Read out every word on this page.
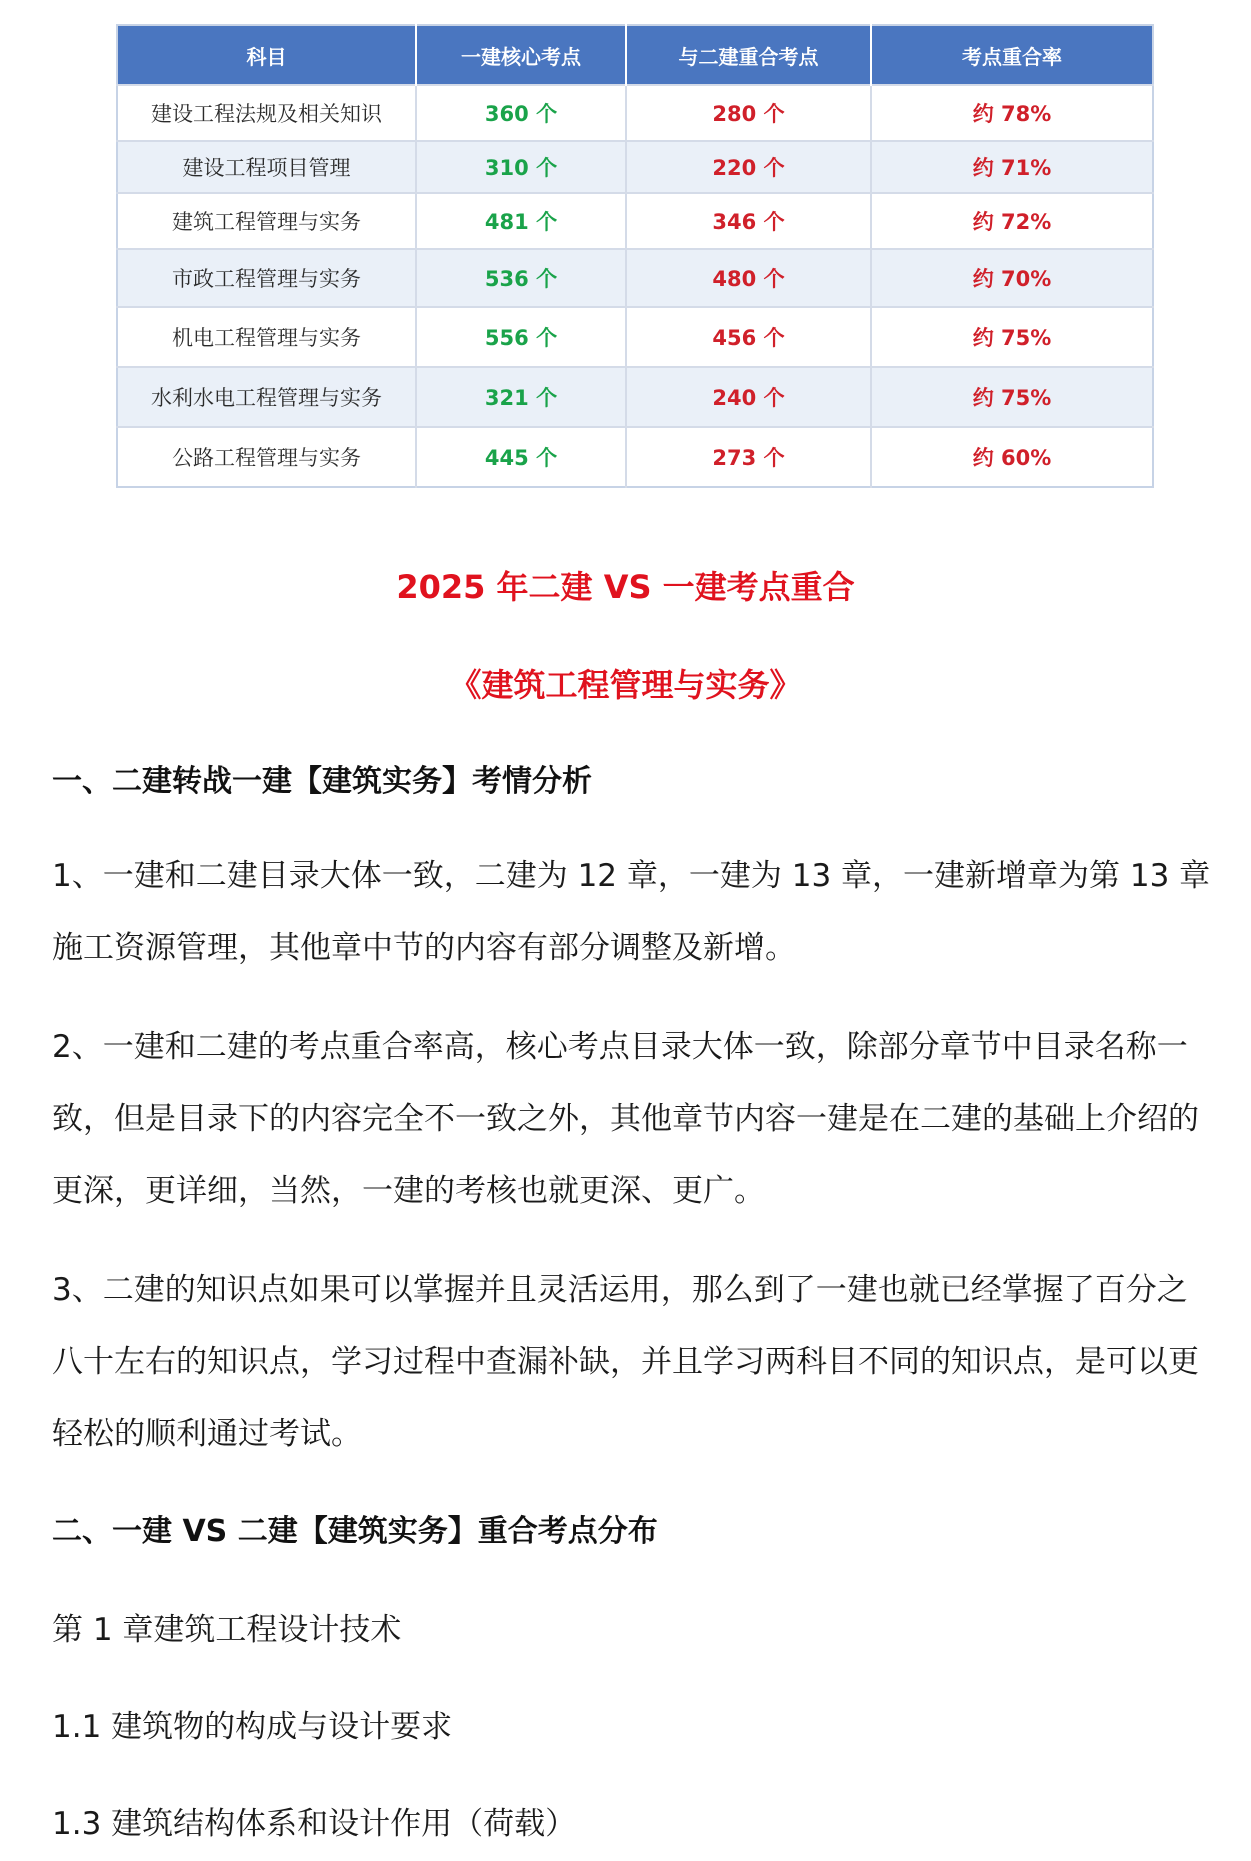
科目	一建核心考点	与二建重合考点	考点重合率
建设工程法规及相关知识	360 个	280 个	约 78%
建设工程项目管理	310 个	220 个	约 71%
建筑工程管理与实务	481 个	346 个	约 72%
市政工程管理与实务	536 个	480 个	约 70%
机电工程管理与实务	556 个	456 个	约 75%
水利水电工程管理与实务	321 个	240 个	约 75%
公路工程管理与实务	445 个	273 个	约 60%
2025 年二建 VS 一建考点重合
《建筑工程管理与实务》
一、二建转战一建【建筑实务】考情分析

1、一建和二建目录大体一致，二建为 12 章，一建为 13 章，一建新增章为第 13 章施工资源管理，其他章中节的内容有部分调整及新增。

2、一建和二建的考点重合率高，核心考点目录大体一致，除部分章节中目录名称一致，但是目录下的内容完全不一致之外，其他章节内容一建是在二建的基础上介绍的更深，更详细，当然，一建的考核也就更深、更广。

3、二建的知识点如果可以掌握并且灵活运用，那么到了一建也就已经掌握了百分之八十左右的知识点，学习过程中查漏补缺，并且学习两科目不同的知识点，是可以更轻松的顺利通过考试。

二、一建 VS 二建【建筑实务】重合考点分布

第 1 章建筑工程设计技术

1.1 建筑物的构成与设计要求

1.3 建筑结构体系和设计作用（荷载）
